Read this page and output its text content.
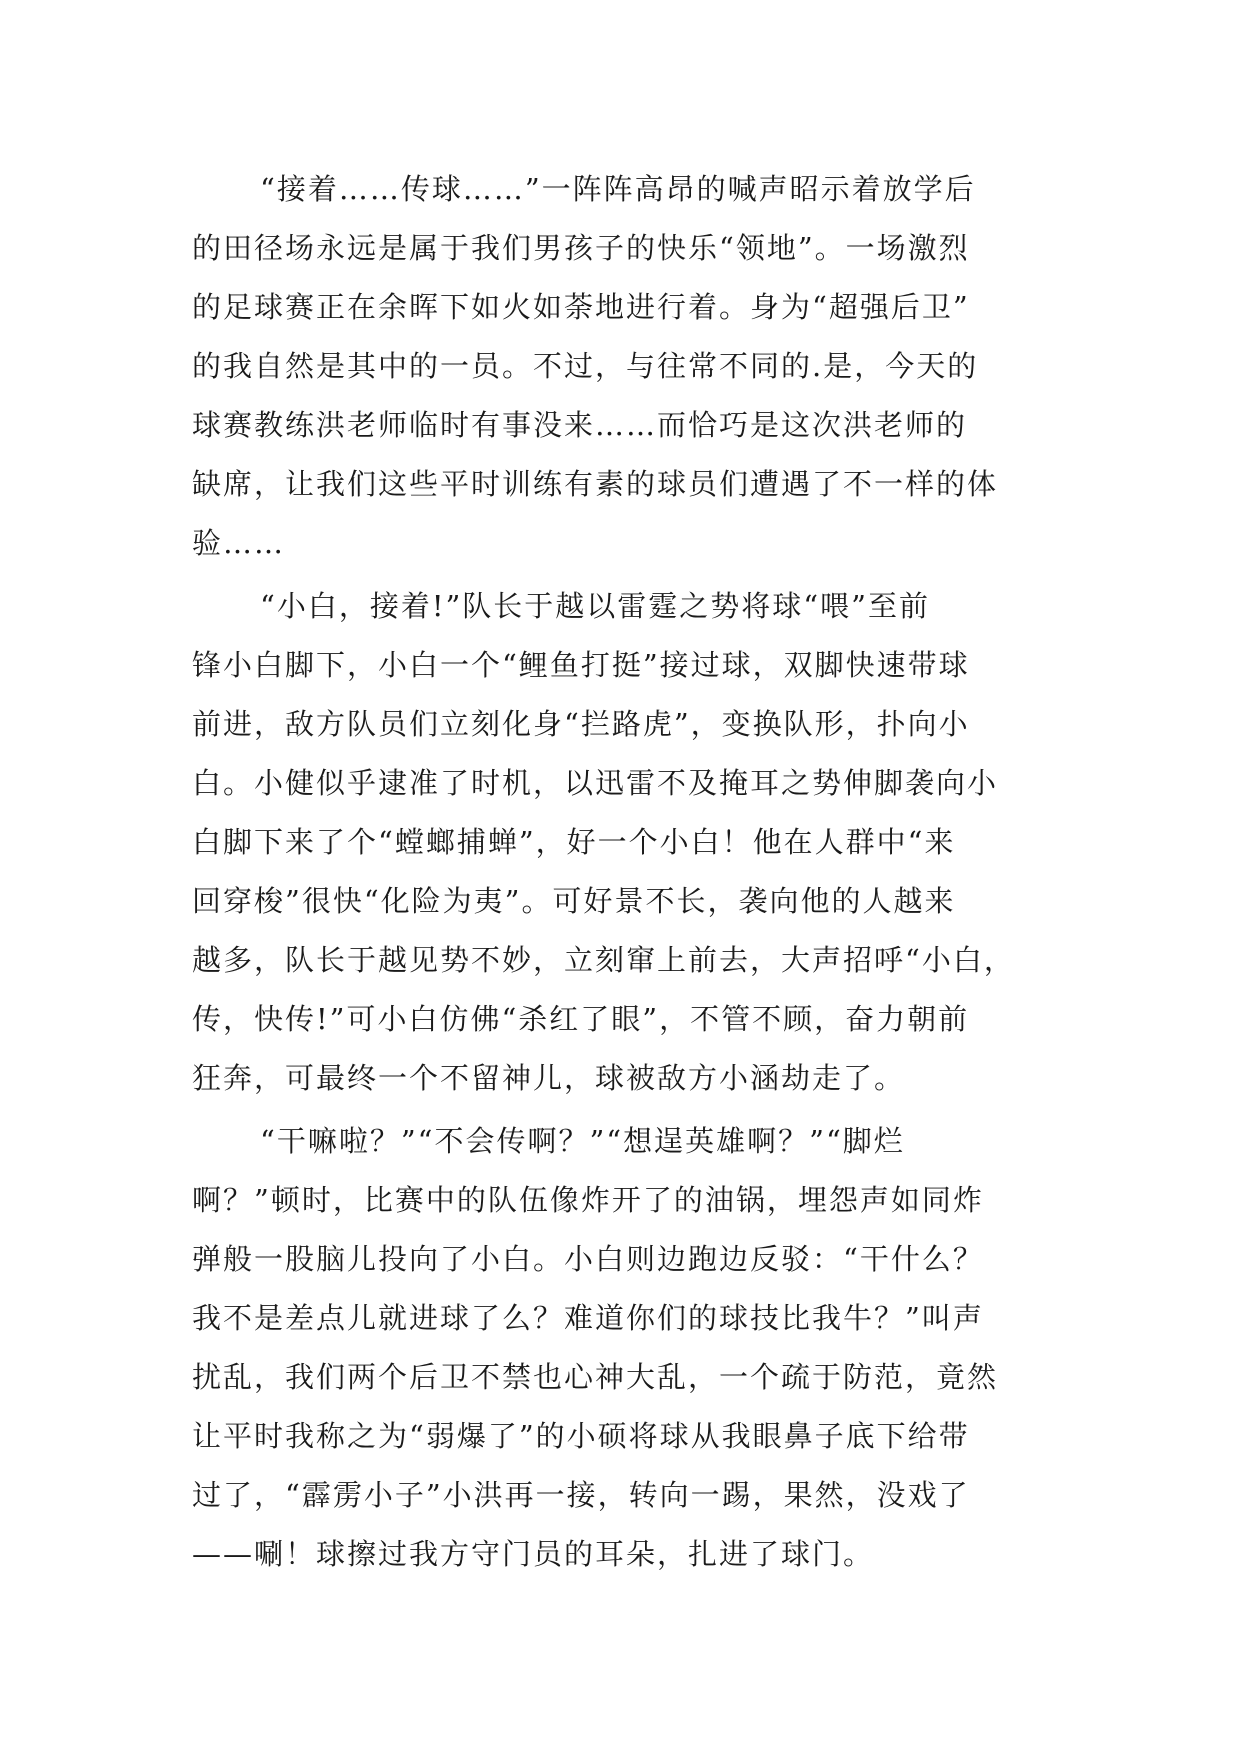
“接着……传球……”一阵阵高昂的喊声昭示着放学后
的田径场永远是属于我们男孩子的快乐“领地”。一场激烈
的足球赛正在余晖下如火如荼地进行着。身为“超强后卫”
的我自然是其中的一员。不过，与往常不同的.是，今天的
球赛教练洪老师临时有事没来……而恰巧是这次洪老师的
缺席，让我们这些平时训练有素的球员们遭遇了不一样的体
验……
“小白，接着!”队长于越以雷霆之势将球“喂”至前
锋小白脚下，小白一个“鲤鱼打挺”接过球，双脚快速带球
前进，敌方队员们立刻化身“拦路虎”，变换队形，扑向小
白。小健似乎逮准了时机，以迅雷不及掩耳之势伸脚袭向小
白脚下来了个“螳螂捕蝉”，好一个小白！他在人群中“来
回穿梭”很快“化险为夷”。可好景不长，袭向他的人越来
越多，队长于越见势不妙，立刻窜上前去，大声招呼“小白，
传，快传!”可小白仿佛“杀红了眼”，不管不顾，奋力朝前
狂奔，可最终一个不留神儿，球被敌方小涵劫走了。
“干嘛啦？”“不会传啊？”“想逞英雄啊？”“脚烂
啊？”顿时，比赛中的队伍像炸开了的油锅，埋怨声如同炸
弹般一股脑儿投向了小白。小白则边跑边反驳：“干什么？
我不是差点儿就进球了么？难道你们的球技比我牛？”叫声
扰乱，我们两个后卫不禁也心神大乱，一个疏于防范，竟然
让平时我称之为“弱爆了”的小硕将球从我眼鼻子底下给带
过了，“霹雳小子”小洪再一接，转向一踢，果然，没戏了
——唰！球擦过我方守门员的耳朵，扎进了球门。
